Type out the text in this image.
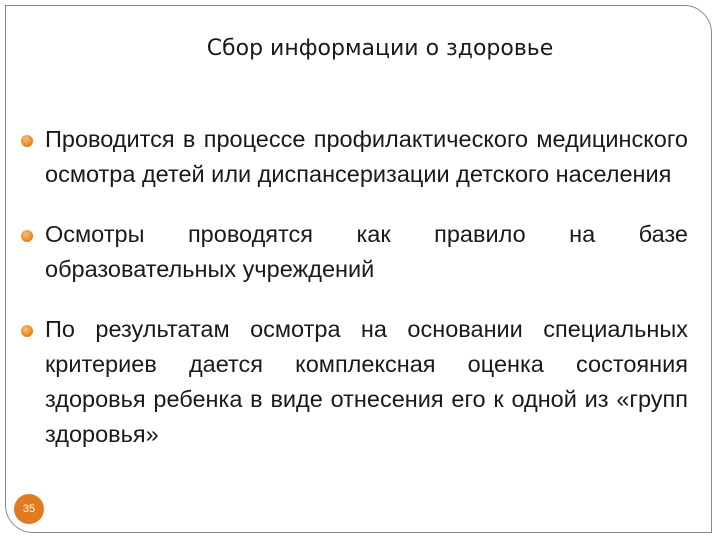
Сбор информации о здоровье
Проводится в процессе профилактического медицинского осмотра детей или диспансеризации детского населения
Осмотры проводятся как правило на базе образовательных учреждений
По результатам осмотра на основании специальных критериев дается комплексная оценка состояния здоровья ребенка в виде отнесения его к одной из «групп здоровья»
35
